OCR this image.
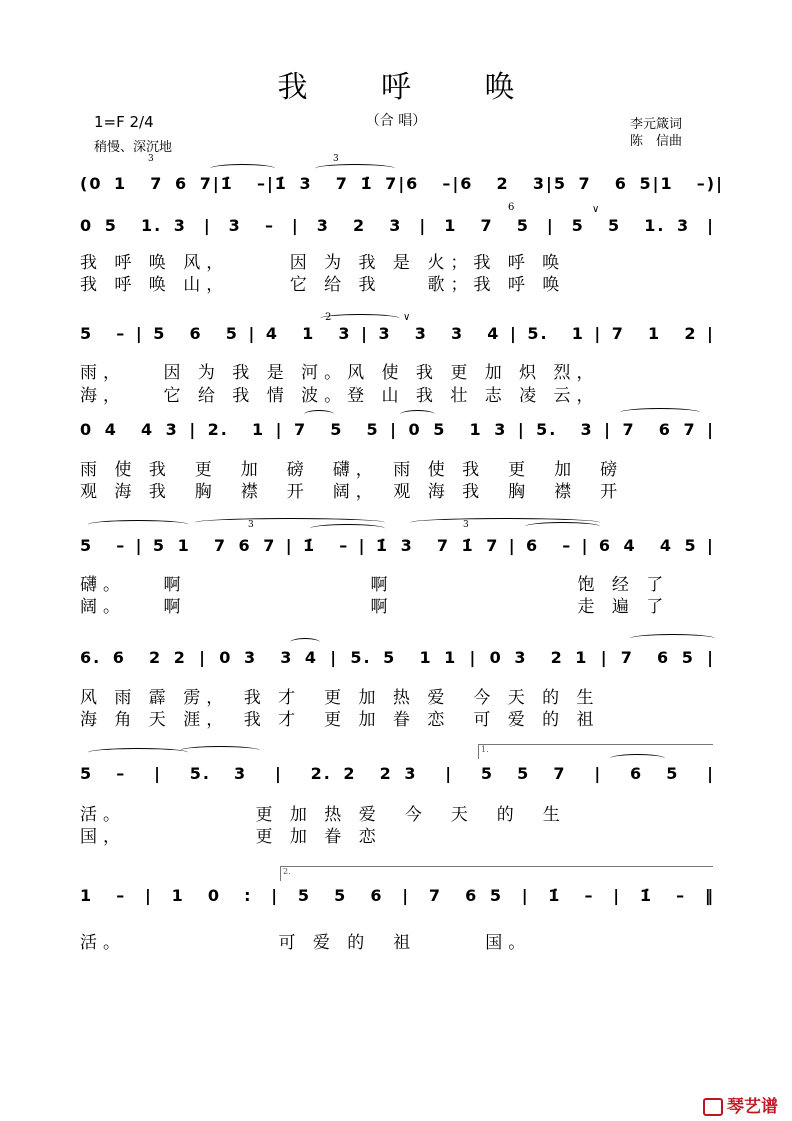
我 呼 唤
（合 唱）
1=F 2/4
稍慢、深沉地
李元箴词
陈　信曲
(0 1  7 6 7 | 1̇  – | 1̇ 3  7 1̇ 7 | 6  – | 6  2  3 | 5 7  6 5 | 1  –) |
3	3
0 5  1. 3 | 3  – | 3  2  3 | 1  7  5 | 5  5  1. 3 |
6	∨
我 呼 唤 风，　　　因 为 我 是 火；我 呼 唤
我 呼 唤 山，　　　它 给 我　　歌；我 呼 唤
5  – | 5  6  5 | 4  1  3 | 3  3  3  4 | 5.  1 | 7  1  2 |
2	∨
雨，　　因 为 我 是 河。风 使 我 更 加 炽 烈，
海，　　它 给 我 情 波。登 山 我 壮 志 凌 云，
0 4  4 3 | 2.  1 | 7  5  5 | 0 5  1 3 | 5.  3 | 7  6 7 |
雨 使 我　更　加　磅　礴，　雨 使 我　更　加　磅
观 海 我　胸　襟　开　阔，　观 海 我　胸　襟　开
5  – | 5 1  7 6 7 | 1̇  – | 1̇ 3  7 1̇ 7 | 6  – | 6 4  4 5 |
3	3
礴。　　啊　　　　　　　　啊　　　　　　　　饱 经 了
阔。　　啊　　　　　　　　啊　　　　　　　　走 遍 了
6. 6  2 2 | 0 3  3 4 | 5. 5  1 1 | 0 3  2 1 | 7  6 5 |
风 雨 霹 雳，　我 才　更 加 热 爱　今 天 的 生
海 角 天 涯，　我 才　更 加 眷 恋　可 爱 的 祖
1.
5  – | 5.  3 | 2. 2  2 3 | 5  5  7 | 6  5 |
活。　　　　　　更 加 热 爱　今　天　的　生
国，　　　　　　更 加 眷 恋
2.
1  – | 1  0  : | 5  5  6 | 7  6 5 | 1̇  – | 1̇  – ‖
活。　　　　　　　可 爱 的　祖　　　国。
琴艺谱
